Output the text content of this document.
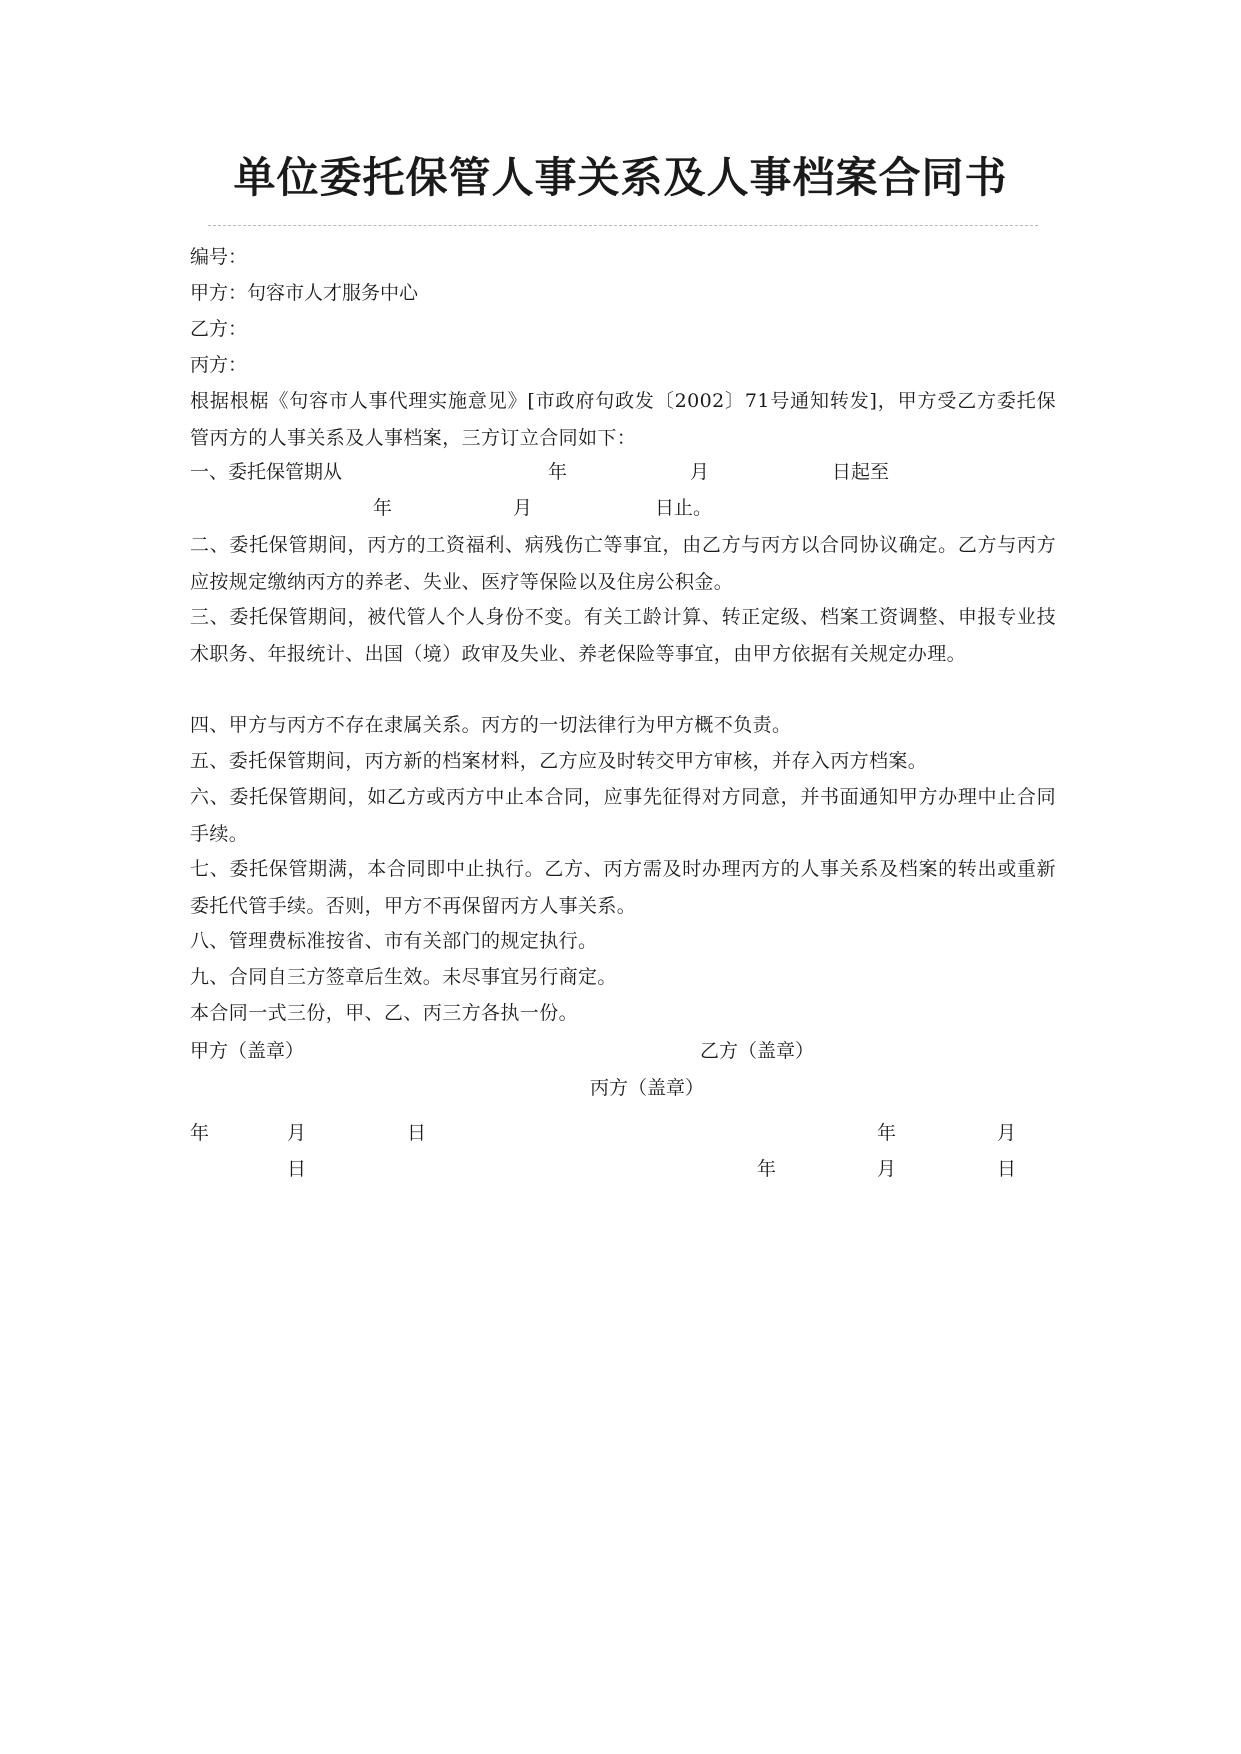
单位委托保管人事关系及人事档案合同书
编号：
甲方：句容市人才服务中心
乙方：
丙方：
根据根椐《句容市人事代理实施意见》[市政府句政发〔2002〕71号通知转发]，甲方受乙方委托保管丙方的人事关系及人事档案，三方订立合同如下：
一、委托保管期从	年	月	日起至
年	月	日止。
二、委托保管期间，丙方的工资福利、病残伤亡等事宜，由乙方与丙方以合同协议确定。乙方与丙方应按规定缴纳丙方的养老、失业、医疗等保险以及住房公积金。
三、委托保管期间，被代管人个人身份不变。有关工龄计算、转正定级、档案工资调整、申报专业技术职务、年报统计、出国（境）政审及失业、养老保险等事宜，由甲方依据有关规定办理。
四、甲方与丙方不存在隶属关系。丙方的一切法律行为甲方概不负责。
五、委托保管期间，丙方新的档案材料，乙方应及时转交甲方审核，并存入丙方档案。
六、委托保管期间，如乙方或丙方中止本合同，应事先征得对方同意，并书面通知甲方办理中止合同手续。
七、委托保管期满，本合同即中止执行。乙方、丙方需及时办理丙方的人事关系及档案的转出或重新委托代管手续。否则，甲方不再保留丙方人事关系。
八、管理费标准按省、市有关部门的规定执行。
九、合同自三方签章后生效。未尽事宜另行商定。
本合同一式三份，甲、乙、丙三方各执一份。
甲方（盖章）	乙方（盖章）
丙方（盖章）
年	月	日	年	月
日	年	月	日
